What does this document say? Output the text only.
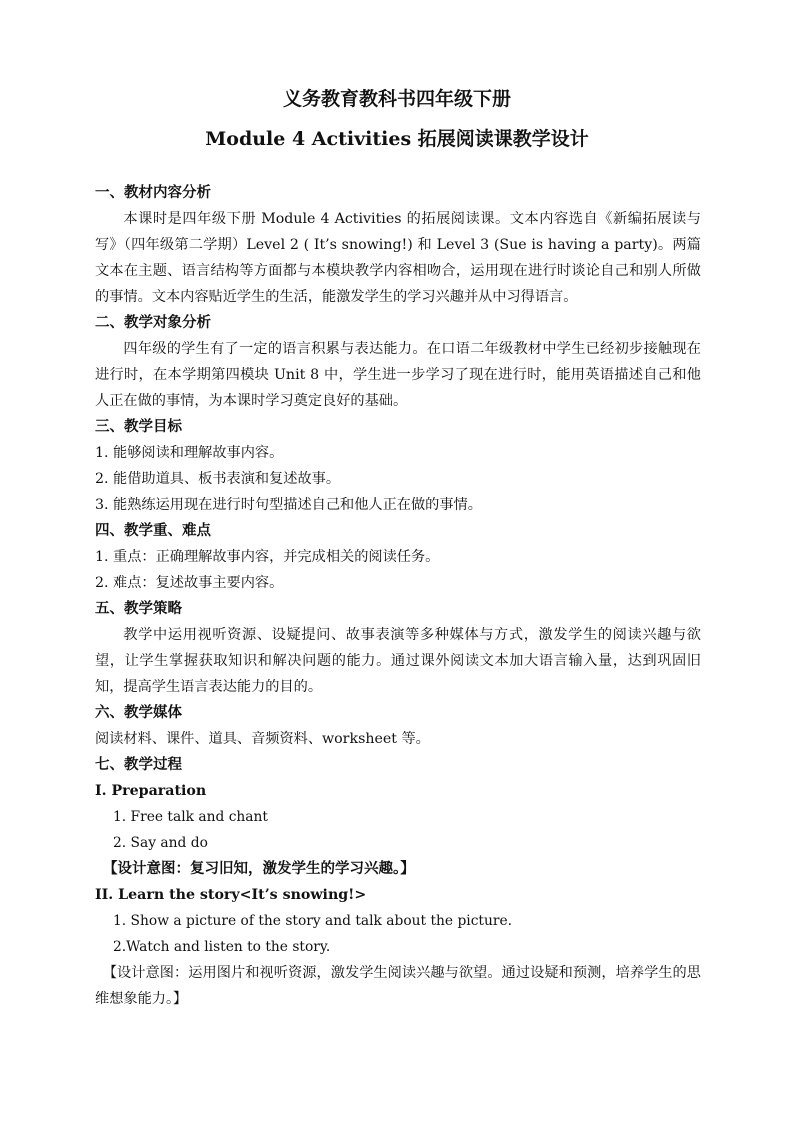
义务教育教科书四年级下册
Module 4 Activities 拓展阅读课教学设计

一、教材内容分析

本课时是四年级下册 Module 4 Activities 的拓展阅读课。文本内容选自《新编拓展读与写》（四年级第二学期）Level 2 ( It’s snowing!) 和 Level 3 (Sue is having a party)。两篇文本在主题、语言结构等方面都与本模块教学内容相吻合，运用现在进行时谈论自己和别人所做的事情。文本内容贴近学生的生活，能激发学生的学习兴趣并从中习得语言。

二、教学对象分析

四年级的学生有了一定的语言积累与表达能力。在口语二年级教材中学生已经初步接触现在进行时，在本学期第四模块 Unit 8 中，学生进一步学习了现在进行时，能用英语描述自己和他人正在做的事情，为本课时学习奠定良好的基础。

三、教学目标

1. 能够阅读和理解故事内容。

2. 能借助道具、板书表演和复述故事。

3. 能熟练运用现在进行时句型描述自己和他人正在做的事情。

四、教学重、难点

1. 重点：正确理解故事内容，并完成相关的阅读任务。

2. 难点：复述故事主要内容。

五、教学策略

教学中运用视听资源、设疑提问、故事表演等多种媒体与方式，激发学生的阅读兴趣与欲望，让学生掌握获取知识和解决问题的能力。通过课外阅读文本加大语言输入量，达到巩固旧知，提高学生语言表达能力的目的。

六、教学媒体

阅读材料、课件、道具、音频资料、worksheet 等。

七、教学过程

I. Preparation

1. Free talk and chant

2. Say and do

【设计意图：复习旧知，激发学生的学习兴趣。】

II. Learn the story<It’s snowing!>

1. Show a picture of the story and talk about the picture.

2.Watch and listen to the story.

【设计意图：运用图片和视听资源，激发学生阅读兴趣与欲望。通过设疑和预测，培养学生的思维想象能力。】
